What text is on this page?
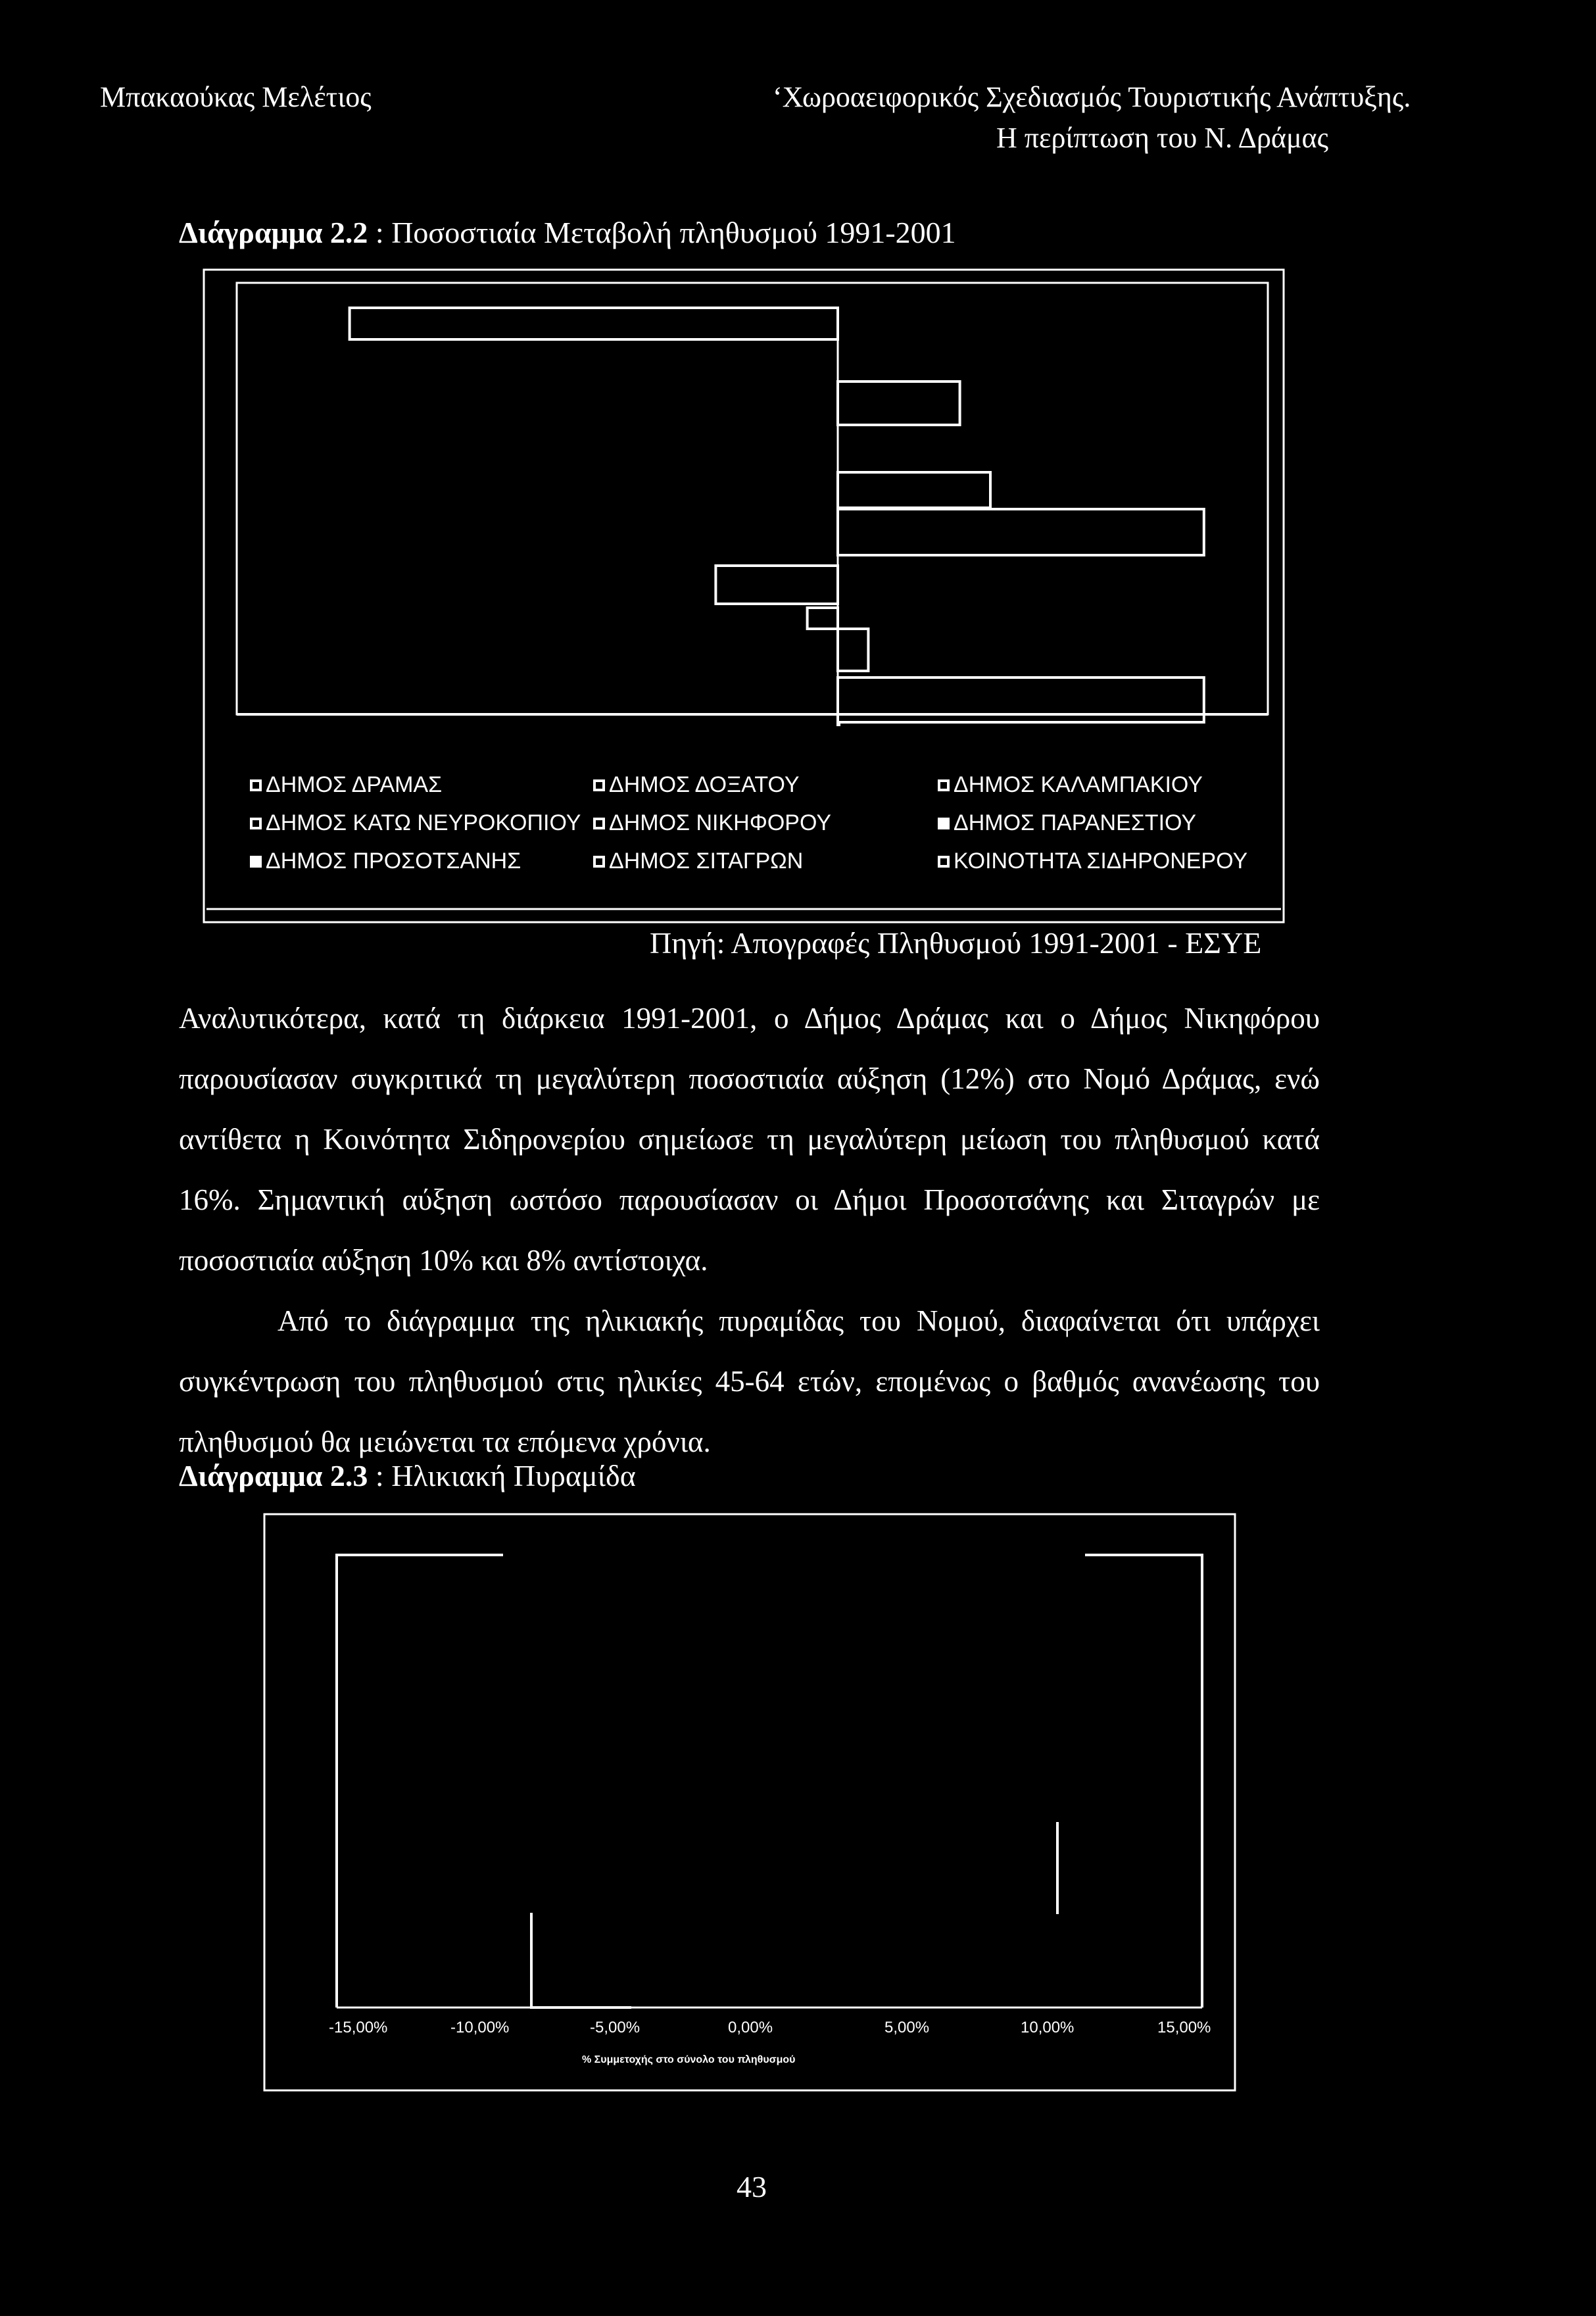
Μπακαούκας Μελέτιος	‘Χωροαειφορικός Σχεδιασμός Τουριστικής Ανάπτυξης.
Η περίπτωση του Ν. Δράμας
Διάγραμμα 2.2 : Ποσοστιαία Μεταβολή πληθυσμού 1991-2001
ΔΗΜΟΣ ΔΡΑΜΑΣ	ΔΗΜΟΣ ΔΟΞΑΤΟΥ	ΔΗΜΟΣ ΚΑΛΑΜΠΑΚΙΟΥ
ΔΗΜΟΣ ΚΑΤΩ ΝΕΥΡΟΚΟΠΙΟΥ ΔΗΜΟΣ ΝΙΚΗΦΟΡΟΥ	ΔΗΜΟΣ ΠΑΡΑΝΕΣΤΙΟΥ
ΔΗΜΟΣ ΠΡΟΣΟΤΣΑΝΗΣ	ΔΗΜΟΣ ΣΙΤΑΓΡΩΝ	ΚΟΙΝΟΤΗΤΑ ΣΙΔΗΡΟΝΕΡΟΥ
Πηγή: Απογραφές Πληθυσμού 1991-2001 - ΕΣΥΕ

Αναλυτικότερα, κατά τη διάρκεια 1991-2001, ο Δήμος Δράμας και ο Δήμος Νικηφόρου παρουσίασαν συγκριτικά τη μεγαλύτερη ποσοστιαία αύξηση (12%) στο Νομό Δράμας, ενώ αντίθετα η Κοινότητα Σιδηρονερίου σημείωσε τη μεγαλύτερη μείωση του πληθυσμού κατά 16%. Σημαντική αύξηση ωστόσο παρουσίασαν οι Δήμοι Προσοτσάνης και Σιταγρών με ποσοστιαία αύξηση 10% και 8% αντίστοιχα.

Από το διάγραμμα της ηλικιακής πυραμίδας του Νομού, διαφαίνεται ότι υπάρχει συγκέντρωση του πληθυσμού στις ηλικίες 45-64 ετών, επομένως ο βαθμός ανανέωσης του πληθυσμού θα μειώνεται τα επόμενα χρόνια.

Διάγραμμα 2.3 : Ηλικιακή Πυραμίδα
-15,00%	-10,00%	-5,00%	0,00%	5,00%	10,00%	15,00%
% Συμμετοχής στο σύνολο του πληθυσμού
43
